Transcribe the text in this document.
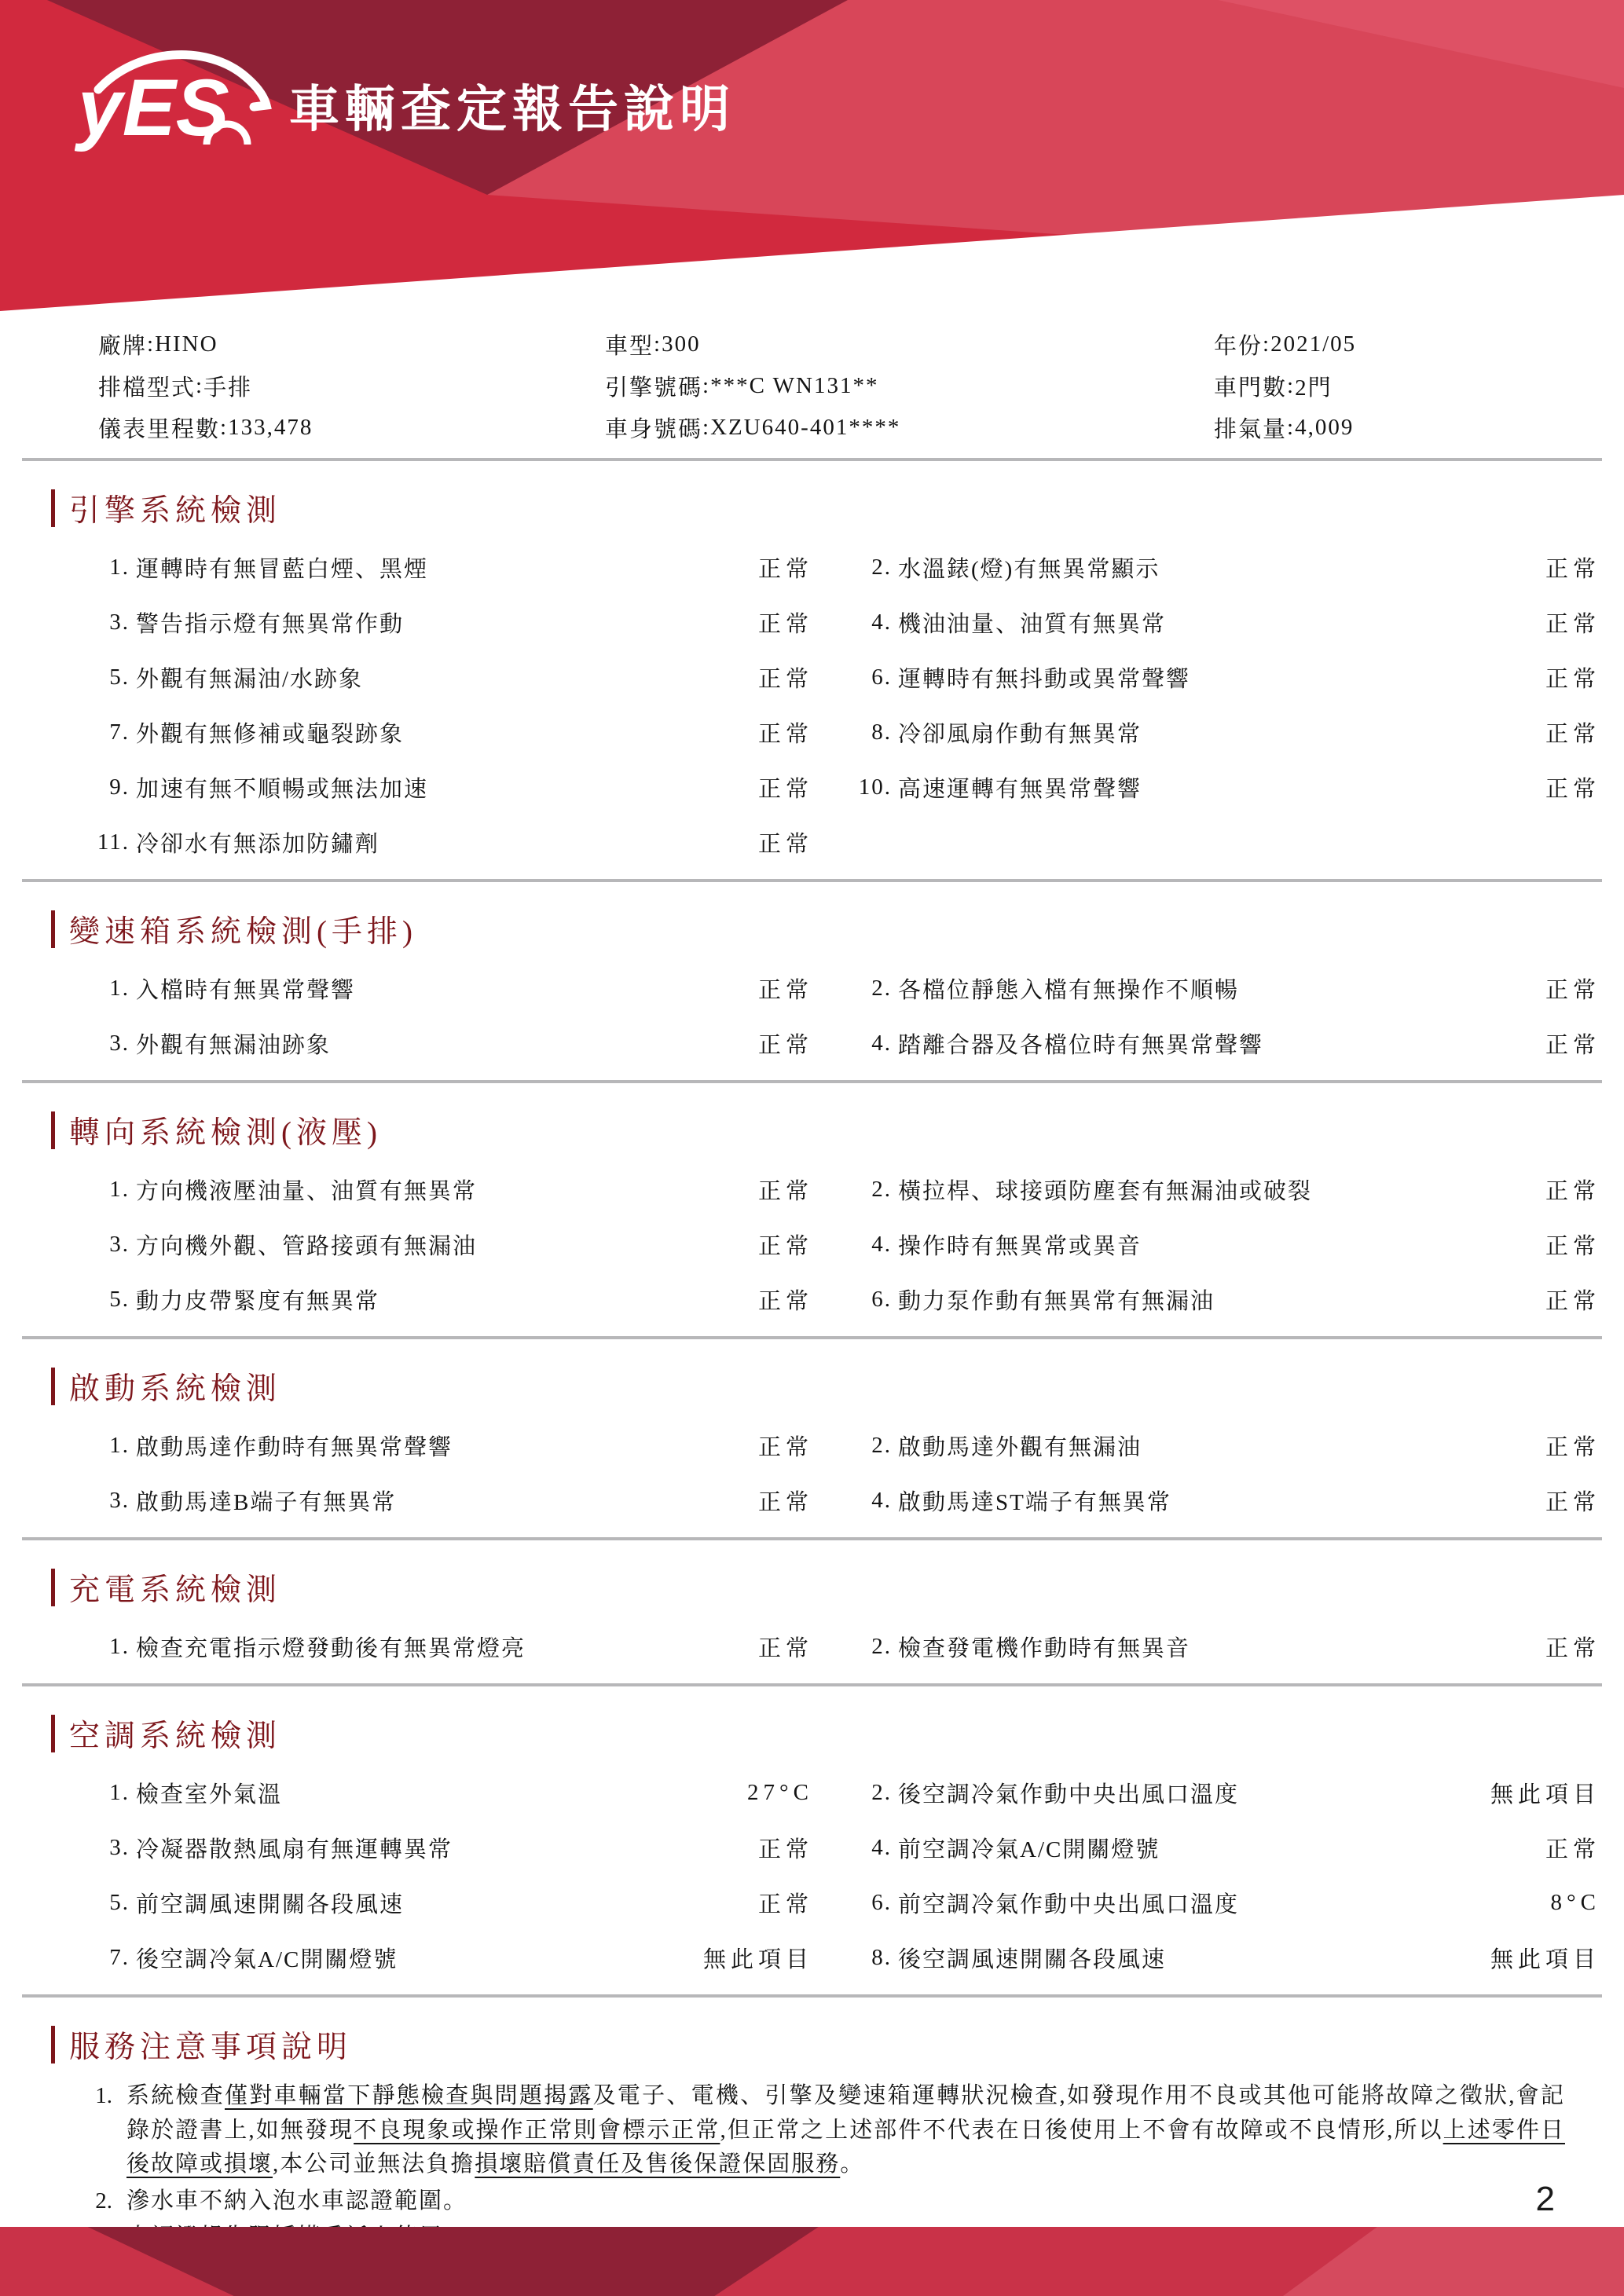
yES 車輛查定報告說明
廠牌 : HINO	車型 : 300	年份 : 2021/05
排檔型式 : 手排	引擎號碼 : ***C WN131**	車門數 : 2門
儀表里程數 : 133,478	車身號碼 : XZU640-401****	排氣量 : 4,009
引擎系統檢測
1. 運轉時有無冒藍白煙、黑煙	正常	2. 水溫錶(燈)有無異常顯示	正常
3. 警告指示燈有無異常作動	正常	4. 機油油量、油質有無異常	正常
5. 外觀有無漏油/水跡象	正常	6. 運轉時有無抖動或異常聲響	正常
7. 外觀有無修補或龜裂跡象	正常	8. 冷卻風扇作動有無異常	正常
9. 加速有無不順暢或無法加速	正常	10. 高速運轉有無異常聲響	正常
11. 冷卻水有無添加防鏽劑	正常
變速箱系統檢測(手排)
1. 入檔時有無異常聲響	正常	2. 各檔位靜態入檔有無操作不順暢	正常
3. 外觀有無漏油跡象	正常	4. 踏離合器及各檔位時有無異常聲響	正常
轉向系統檢測(液壓)
1. 方向機液壓油量、油質有無異常	正常	2. 橫拉桿、球接頭防塵套有無漏油或破裂	正常
3. 方向機外觀、管路接頭有無漏油	正常	4. 操作時有無異常或異音	正常
5. 動力皮帶緊度有無異常	正常	6. 動力泵作動有無異常有無漏油	正常
啟動系統檢測
1. 啟動馬達作動時有無異常聲響	正常	2. 啟動馬達外觀有無漏油	正常
3. 啟動馬達B端子有無異常	正常	4. 啟動馬達ST端子有無異常	正常
充電系統檢測
1. 檢查充電指示燈發動後有無異常燈亮	正常	2. 檢查發電機作動時有無異音	正常
空調系統檢測
1. 檢查室外氣溫	27°C	2. 後空調冷氣作動中央出風口溫度	無此項目
3. 冷凝器散熱風扇有無運轉異常	正常	4. 前空調冷氣A/C開關燈號	正常
5. 前空調風速開關各段風速	正常	6. 前空調冷氣作動中央出風口溫度	8°C
7. 後空調冷氣A/C開關燈號	無此項目	8. 後空調風速開關各段風速	無此項目
服務注意事項說明
1. 系統檢查僅對車輛當下靜態檢查與問題揭露及電子、電機、引擎及變速箱運轉狀況檢查,如發現作用不良或其他可能將故障之徵狀,會記錄於證書上,如無發現不良現象或操作正常則會標示正常,但正常之上述部件不代表在日後使用上不會有故障或不良情形,所以上述零件日後故障或損壞,本公司並無法負擔損壞賠償責任及售後保證保固服務。

2. 滲水車不納入泡水車認證範圍。	2
